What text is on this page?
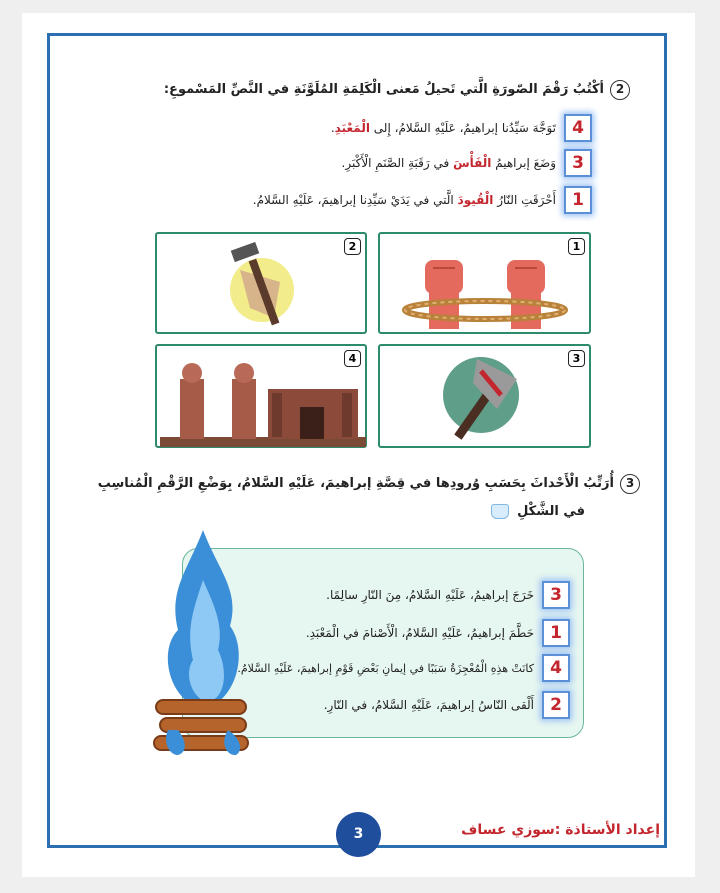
2أكْتُبُ رَقْمَ الصّورَةِ الَّتي تَحيلُ مَعنى الْكَلِمَةِ المُلَوَّنَةِ في النَّصِّ المَسْموعِ:
4
تَوَجَّهَ سَيِّدُنا إبراهيمُ، عَلَيْهِ السَّلامُ، إِلى الْمَعْبَدِ.
3
وَضَعَ إبراهيمُ الْفَأْسَ في رَقَبَةِ الصَّنَمِ الْأَكْبَرِ.
1
أَحْرَقَتِ النّارُ الْقُيودَ الَّتي في يَدَيْ سَيِّدِنا إبراهيمَ، عَلَيْهِ السَّلامُ.
1
2
3
4
3أُرَتِّبُ الْأَحْداثَ بِحَسَبِ وُرودِها في قِصَّةِ إبراهيمَ، عَلَيْهِ السَّلامُ، بِوَضْعِ الرَّقْمِ الْمُناسِبِ
في الشَّكْلِ
3
خَرَجَ إبراهيمُ، عَلَيْهِ السَّلامُ، مِنَ النّارِ سالِمًا.
1
حَطَّمَ إبراهيمُ، عَلَيْهِ السَّلامُ، الْأَصْنامَ في الْمَعْبَدِ.
4
كانَتْ هذِهِ الْمُعْجِزَةُ سَبَبًا في إيمانِ بَعْضِ قَوْمِ إبراهيمَ، عَلَيْهِ السَّلامُ.
2
أَلْقى النّاسُ إبراهيمَ، عَلَيْهِ السَّلامُ، في النّارِ.
3	إعداد الأستاذة :سوزي عساف
